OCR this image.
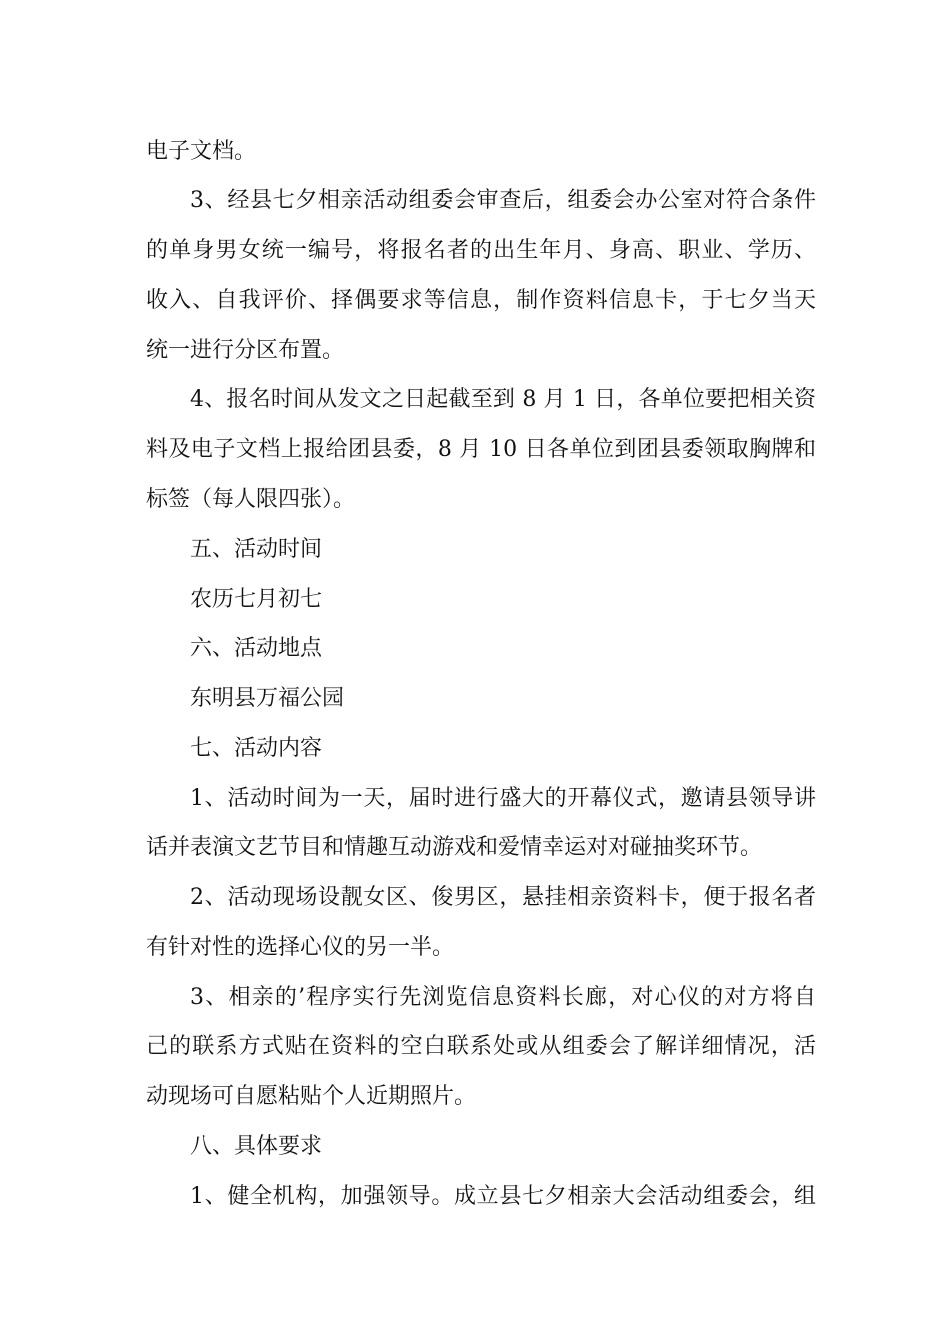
电子文档。
3、经县七夕相亲活动组委会审查后，组委会办公室对符合条件
的单身男女统一编号，将报名者的出生年月、身高、职业、学历、
收入、自我评价、择偶要求等信息，制作资料信息卡，于七夕当天
统一进行分区布置。
4、报名时间从发文之日起截至到 8 月 1 日，各单位要把相关资
料及电子文档上报给团县委，8 月 10 日各单位到团县委领取胸牌和
标签（每人限四张）。
五、活动时间
农历七月初七
六、活动地点
东明县万福公园
七、活动内容
1、活动时间为一天，届时进行盛大的开幕仪式，邀请县领导讲
话并表演文艺节目和情趣互动游戏和爱情幸运对对碰抽奖环节。
2、活动现场设靓女区、俊男区，悬挂相亲资料卡，便于报名者
有针对性的选择心仪的另一半。
3、相亲的’程序实行先浏览信息资料长廊，对心仪的对方将自
己的联系方式贴在资料的空白联系处或从组委会了解详细情况，活
动现场可自愿粘贴个人近期照片。
八、具体要求
1、健全机构，加强领导。成立县七夕相亲大会活动组委会，组
